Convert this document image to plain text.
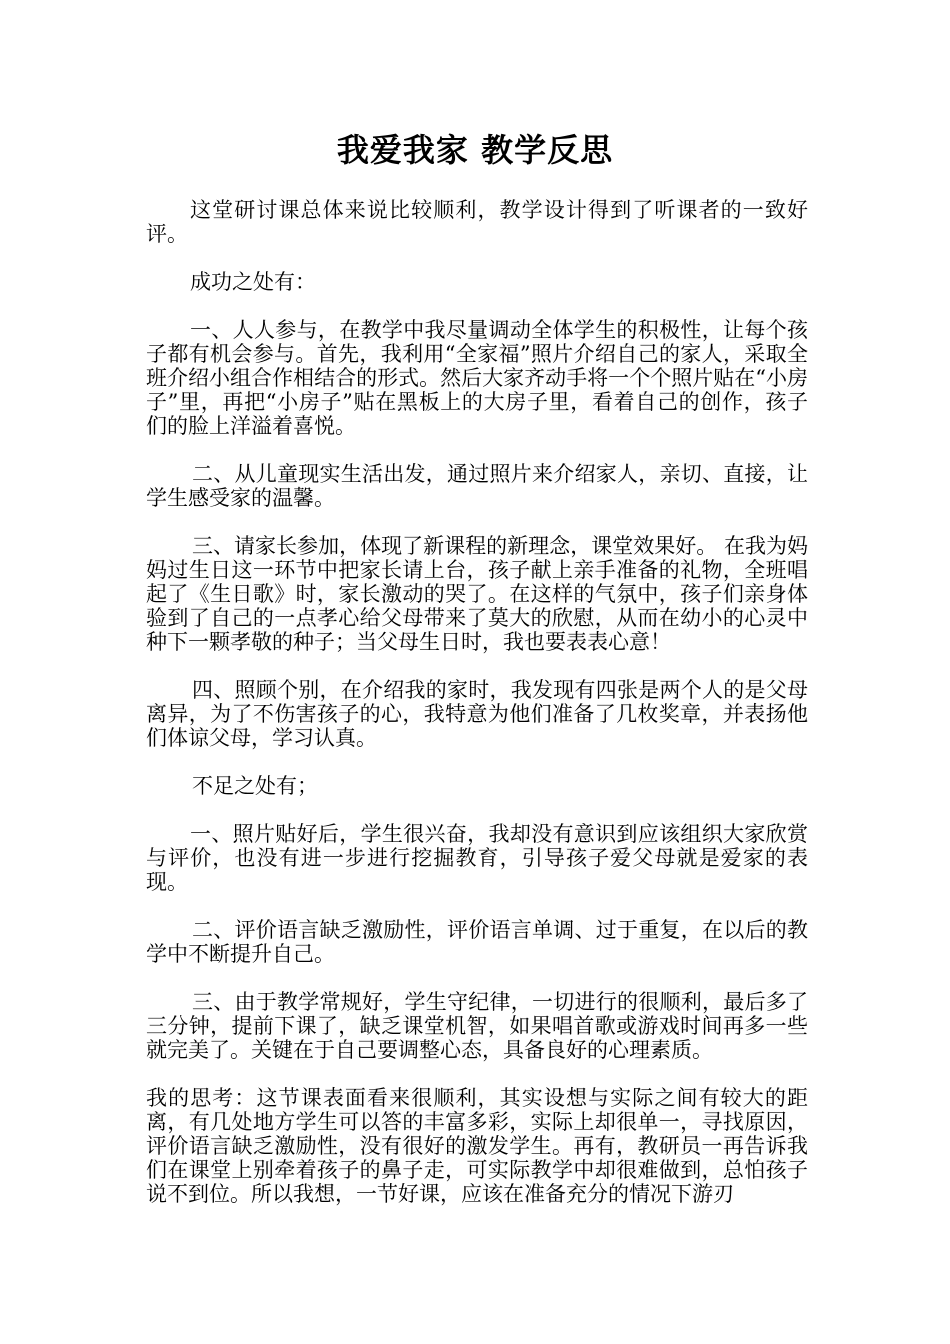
我爱我家 教学反思

这堂研讨课总体来说比较顺利，教学设计得到了听课者的一致好评。

成功之处有：

一、人人参与，在教学中我尽量调动全体学生的积极性，让每个孩子都有机会参与。首先，我利用“全家福”照片介绍自己的家人，采取全班介绍小组合作相结合的形式。然后大家齐动手将一个个照片贴在“小房子”里，再把“小房子”贴在黑板上的大房子里，看着自己的创作，孩子们的脸上洋溢着喜悦。

二、从儿童现实生活出发，通过照片来介绍家人，亲切、直接，让学生感受家的温馨。

三、请家长参加，体现了新课程的新理念，课堂效果好。 在我为妈妈过生日这一环节中把家长请上台，孩子献上亲手准备的礼物，全班唱起了《生日歌》时，家长激动的哭了。在这样的气氛中，孩子们亲身体验到了自己的一点孝心给父母带来了莫大的欣慰，从而在幼小的心灵中种下一颗孝敬的种子；当父母生日时，我也要表表心意！

四、照顾个别，在介绍我的家时，我发现有四张是两个人的是父母离异，为了不伤害孩子的心，我特意为他们准备了几枚奖章，并表扬他们体谅父母，学习认真。

不足之处有；

一、照片贴好后，学生很兴奋，我却没有意识到应该组织大家欣赏与评价，也没有进一步进行挖掘教育，引导孩子爱父母就是爱家的表现。

二、评价语言缺乏激励性，评价语言单调、过于重复，在以后的教学中不断提升自己。

三、由于教学常规好，学生守纪律，一切进行的很顺利，最后多了三分钟，提前下课了，缺乏课堂机智，如果唱首歌或游戏时间再多一些就完美了。关键在于自己要调整心态，具备良好的心理素质。

我的思考：这节课表面看来很顺利，其实设想与实际之间有较大的距离，有几处地方学生可以答的丰富多彩，实际上却很单一，寻找原因，评价语言缺乏激励性，没有很好的激发学生。再有，教研员一再告诉我们在课堂上别牵着孩子的鼻子走，可实际教学中却很难做到，总怕孩子说不到位。所以我想，一节好课，应该在准备充分的情况下游刃
